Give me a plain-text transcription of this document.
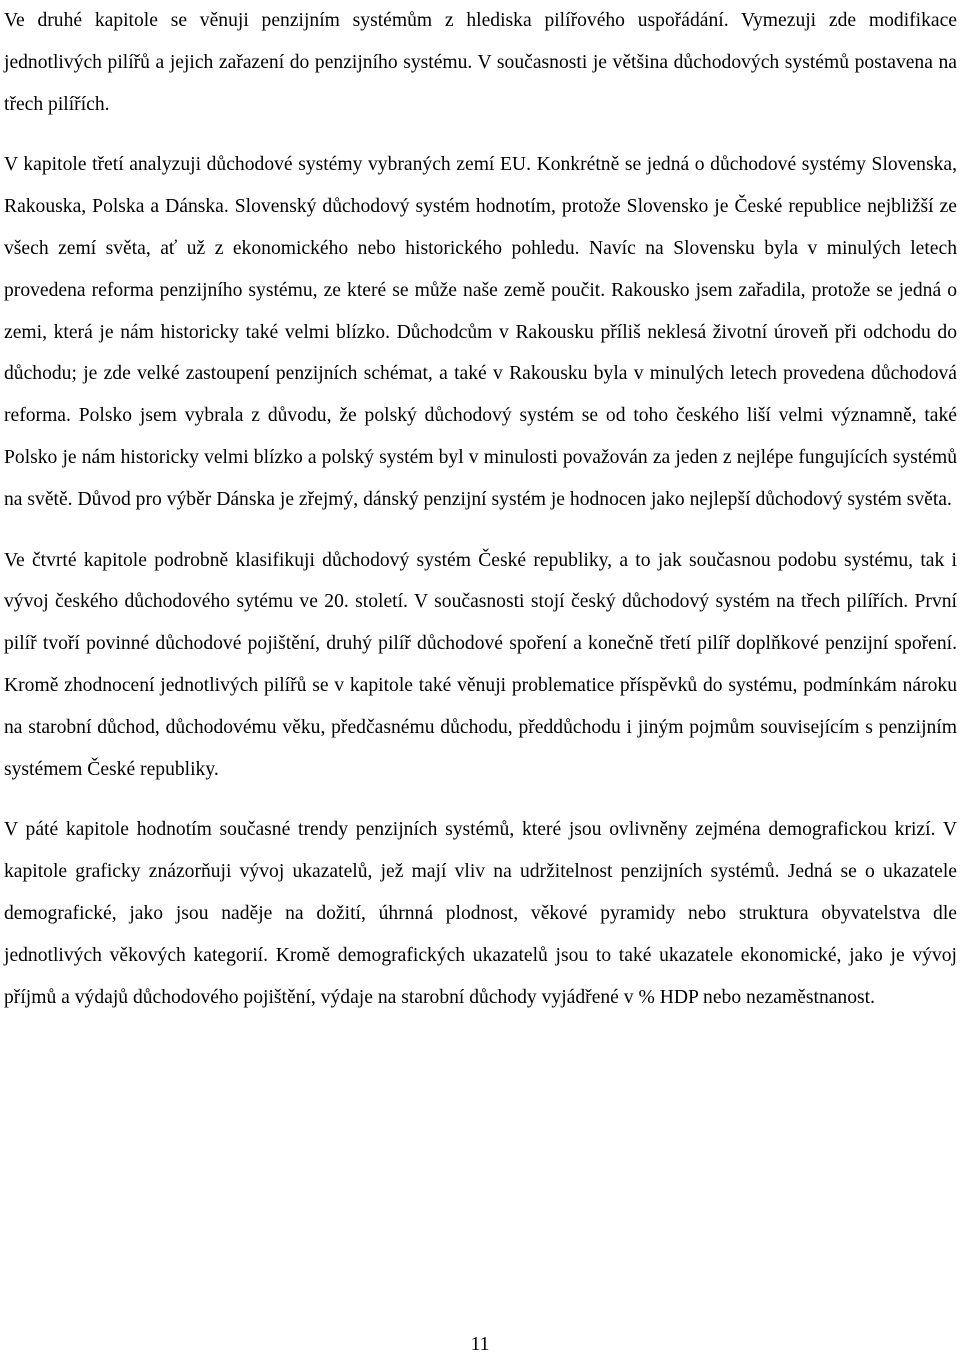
Ve druhé kapitole se věnuji penzijním systémům z hlediska pilířového uspořádání. Vymezuji zde modifikace jednotlivých pilířů a jejich zařazení do penzijního systému. V současnosti je většina důchodových systémů postavena na třech pilířích.

V kapitole třetí analyzuji důchodové systémy vybraných zemí EU. Konkrétně se jedná o důchodové systémy Slovenska, Rakouska, Polska a Dánska. Slovenský důchodový systém hodnotím, protože Slovensko je České republice nejbližší ze všech zemí světa, ať už z ekonomického nebo historického pohledu. Navíc na Slovensku byla v minulých letech provedena reforma penzijního systému, ze které se může naše země poučit. Rakousko jsem zařadila, protože se jedná o zemi, která je nám historicky také velmi blízko. Důchodcům v Rakousku příliš neklesá životní úroveň při odchodu do důchodu; je zde velké zastoupení penzijních schémat, a také v Rakousku byla v minulých letech provedena důchodová reforma. Polsko jsem vybrala z důvodu, že polský důchodový systém se od toho českého liší velmi významně, také Polsko je nám historicky velmi blízko a polský systém byl v minulosti považován za jeden z nejlépe fungujících systémů na světě. Důvod pro výběr Dánska je zřejmý, dánský penzijní systém je hodnocen jako nejlepší důchodový systém světa.

Ve čtvrté kapitole podrobně klasifikuji důchodový systém České republiky, a to jak současnou podobu systému, tak i vývoj českého důchodového sytému ve 20. století. V současnosti stojí český důchodový systém na třech pilířích. První pilíř tvoří povinné důchodové pojištění, druhý pilíř důchodové spoření a konečně třetí pilíř doplňkové penzijní spoření. Kromě zhodnocení jednotlivých pilířů se v kapitole také věnuji problematice příspěvků do systému, podmínkám nároku na starobní důchod, důchodovému věku, předčasnému důchodu, předdůchodu i jiným pojmům souvisejícím s penzijním systémem České republiky.

V páté kapitole hodnotím současné trendy penzijních systémů, které jsou ovlivněny zejména demografickou krizí. V kapitole graficky znázorňuji vývoj ukazatelů, jež mají vliv na udržitelnost penzijních systémů. Jedná se o ukazatele demografické, jako jsou naděje na dožití, úhrnná plodnost, věkové pyramidy nebo struktura obyvatelstva dle jednotlivých věkových kategorií. Kromě demografických ukazatelů jsou to také ukazatele ekonomické, jako je vývoj příjmů a výdajů důchodového pojištění, výdaje na starobní důchody vyjádřené v % HDP nebo nezaměstnanost.

11
